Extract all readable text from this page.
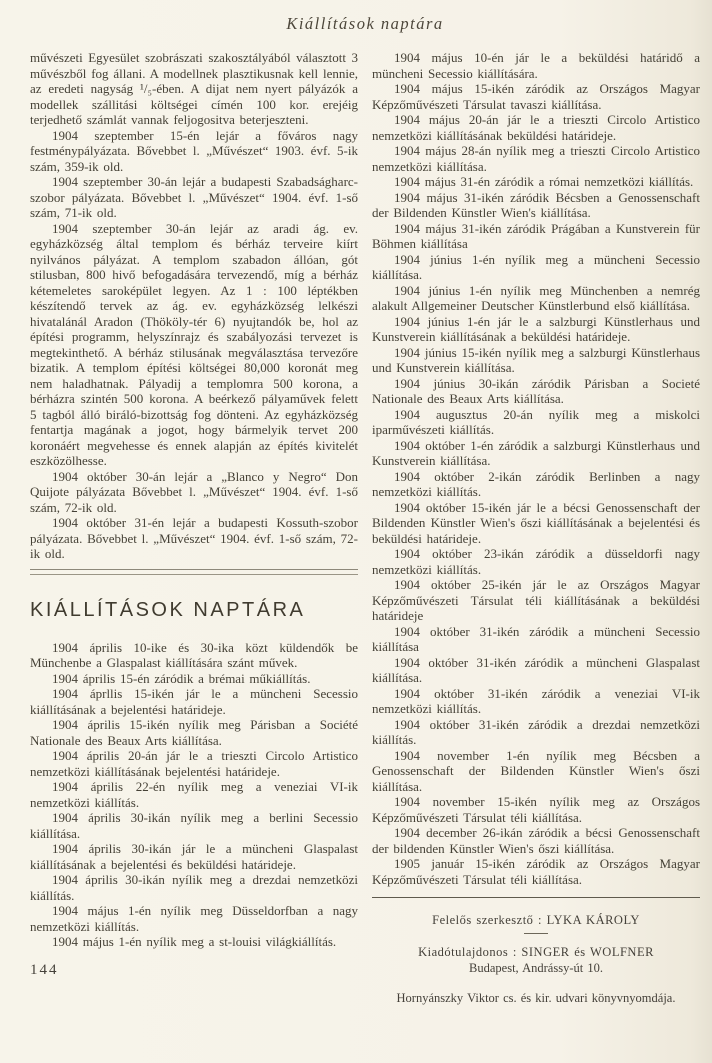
Kiállítások naptára

művészeti Egyesület szobrászati szakosztályából választott 3 művészből fog állani. A modellnek plasztikusnak kell lennie, az eredeti nagyság ¹/₅-ében. A dijat nem nyert pályázók a modellek szállitási költségei címén 100 kor. erejéig terjedhető számlát vannak feljogositva beterjeszteni.

1904 szeptember 15-én lejár a főváros nagy festménypályázata. Bővebbet l. „Művészet“ 1903. évf. 5-ik szám, 359-ik old.

1904 szeptember 30-án lejár a budapesti Szabadságharc-szobor pályázata. Bővebbet l. „Művészet“ 1904. évf. 1-ső szám, 71-ik old.

1904 szeptember 30-án lejár az aradi ág. ev. egyházközség által templom és bérház terveire kiírt nyilvános pályázat. A templom szabadon állóan, gót stilusban, 800 hivő befogadására tervezendő, míg a bérház kétemeletes saroképület legyen. Az 1 : 100 léptékben készítendő tervek az ág. ev. egyházközség lelkészi hivatalánál Aradon (Thököly-tér 6) nyujtandók be, hol az építési programm, helyszínrajz és szabályozási tervezet is megtekinthető. A bérház stilusának megválasztása tervezőre bizatik. A templom építési költségei 80,000 koronát meg nem haladhatnak. Pályadij a templomra 500 korona, a bérházra szintén 500 korona. A beérkező pályaművek felett 5 tagból álló biráló-bizottság fog dönteni. Az egyházközség fentartja magának a jogot, hogy bármelyik tervet 200 koronáért megvehesse és ennek alapján az építés kivitelét eszközölhesse.

1904 október 30-án lejár a „Blanco y Negro“ Don Quijote pályázata Bővebbet l. „Művészet“ 1904. évf. 1-ső szám, 72-ik old.

1904 október 31-én lejár a budapesti Kossuth-szobor pályázata. Bővebbet l. „Művészet“ 1904. évf. 1-ső szám, 72-ik old.

KIÁLLÍTÁSOK NAPTÁRA

1904 április 10-ike és 30-ika közt küldendők be Münchenbe a Glaspalast kiállítására szánt művek.

1904 április 15-én záródik a brémai műkiállítás.

1904 áprllis 15-ikén jár le a müncheni Secessio kiállításának a bejelentési határideje.

1904 április 15-ikén nyílik meg Párisban a Société Nationale des Beaux Arts kiállítása.

1904 április 20-án jár le a trieszti Circolo Artistico nemzetközi kiállításának bejelentési határideje.

1904 április 22-én nyílik meg a veneziai VI-ik nemzetközi kiállítás.

1904 április 30-ikán nyílik meg a berlini Secessio kiállítása.

1904 április 30-ikán jár le a müncheni Glaspalast kiállításának a bejelentési és beküldési határideje.

1904 április 30-ikán nyílik meg a drezdai nemzetközi kiállítás.

1904 május 1-én nyílik meg Düsseldorfban a nagy nemzetközi kiállítás.

1904 május 1-én nyílik meg a st-louisi világkiállítás.

144

1904 május 10-én jár le a beküldési határidő a müncheni Secessio kiállítására.

1904 május 15-ikén záródik az Országos Magyar Képzőművészeti Társulat tavaszi kiállítása.

1904 május 20-án jár le a trieszti Circolo Artistico nemzetközi kiállításának beküldési határideje.

1904 május 28-án nyílik meg a trieszti Circolo Artistico nemzetközi kiállítása.

1904 május 31-én záródik a római nemzetközi kiállítás.

1904 május 31-ikén záródik Bécsben a Genossenschaft der Bildenden Künstler Wien's kiállítása.

1904 május 31-ikén záródik Prágában a Kunstverein für Böhmen kiállítása

1904 június 1-én nyílik meg a müncheni Secessio kiállítása.

1904 június 1-én nyílik meg Münchenben a nemrég alakult Allgemeiner Deutscher Künstlerbund első kiállítása.

1904 június 1-én jár le a salzburgi Künstlerhaus und Kunstverein kiállításának a beküldési határideje.

1904 június 15-ikén nyílik meg a salzburgi Künstlerhaus und Kunstverein kiállítása.

1904 június 30-ikán záródik Párisban a Societé Nationale des Beaux Arts kiállítása.

1904 augusztus 20-án nyílik meg a miskolci iparművészeti kiállítás.

1904 október 1-én záródik a salzburgi Künstlerhaus und Kunstverein kiállítása.

1904 október 2-ikán záródik Berlinben a nagy nemzetközi kiállítás.

1904 október 15-ikén jár le a bécsi Genossenschaft der Bildenden Künstler Wien's őszi kiállításának a bejelentési és beküldési határideje.

1904 október 23-ikán záródik a düsseldorfi nagy nemzetközi kiállítás.

1904 október 25-ikén jár le az Országos Magyar Képzőművészeti Társulat téli kiállításának a beküldési határideje

1904 október 31-ikén záródik a müncheni Secessio kiállítása

1904 október 31-ikén záródik a müncheni Glaspalast kiállítása.

1904 október 31-ikén záródik a veneziai VI-ik nemzetközi kiállítás.

1904 október 31-ikén záródik a drezdai nemzetközi kiállítás.

1904 november 1-én nyílik meg Bécsben a Genossenschaft der Bildenden Künstler Wien's őszi kiállítása.

1904 november 15-ikén nyílik meg az Országos Képzőművészeti Társulat téli kiállítása.

1904 december 26-ikán záródik a bécsi Genossenschaft der bildenden Künstler Wien's őszi kiállítása.

1905 január 15-ikén záródik az Országos Magyar Képzőművészeti Társulat téli kiállítása.

Felelős szerkesztő : LYKA KÁROLY

Kiadótulajdonos : SINGER és WOLFNER

Budapest, Andrássy-út 10.

Hornyánszky Viktor cs. és kir. udvari könyvnyomdája.
